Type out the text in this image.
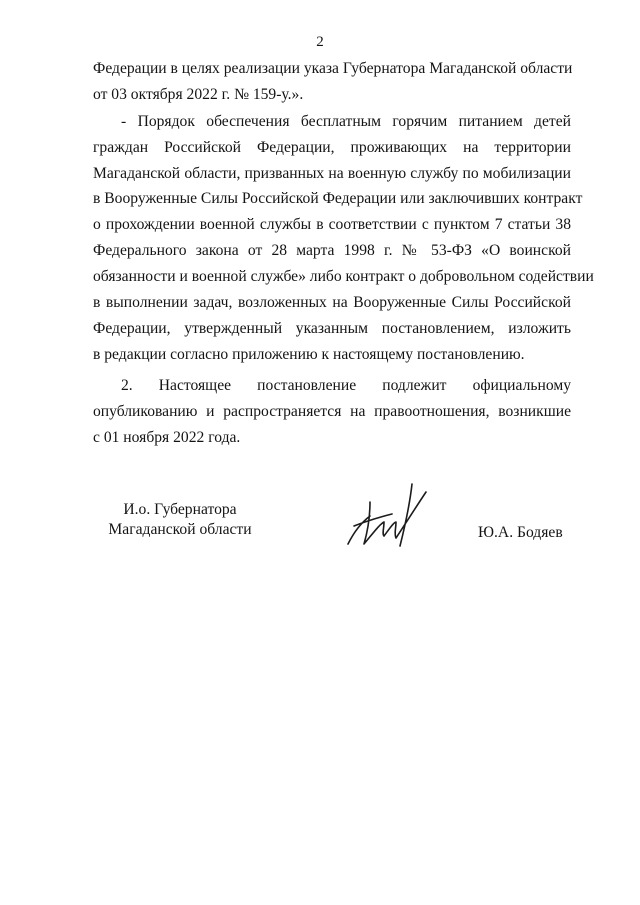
2
Федерации в целях реализации указа Губернатора Магаданской области
от 03 октября 2022 г. № 159-у.».
- Порядок обеспечения бесплатным горячим питанием детей
граждан Российской Федерации, проживающих на территории
Магаданской области, призванных на военную службу по мобилизации
в Вооруженные Силы Российской Федерации или заключивших контракт
о прохождении военной службы в соответствии с пунктом 7 статьи 38
Федерального закона от 28 марта 1998 г. № 53-ФЗ «О воинской
обязанности и военной службе» либо контракт о добровольном содействии
в выполнении задач, возложенных на Вооруженные Силы Российской
Федерации, утвержденный указанным постановлением, изложить
в редакции согласно приложению к настоящему постановлению.
2. Настоящее постановление подлежит официальному
опубликованию и распространяется на правоотношения, возникшие
с 01 ноября 2022 года.
И.о. Губернатора
Магаданской области	Ю.А. Бодяев
